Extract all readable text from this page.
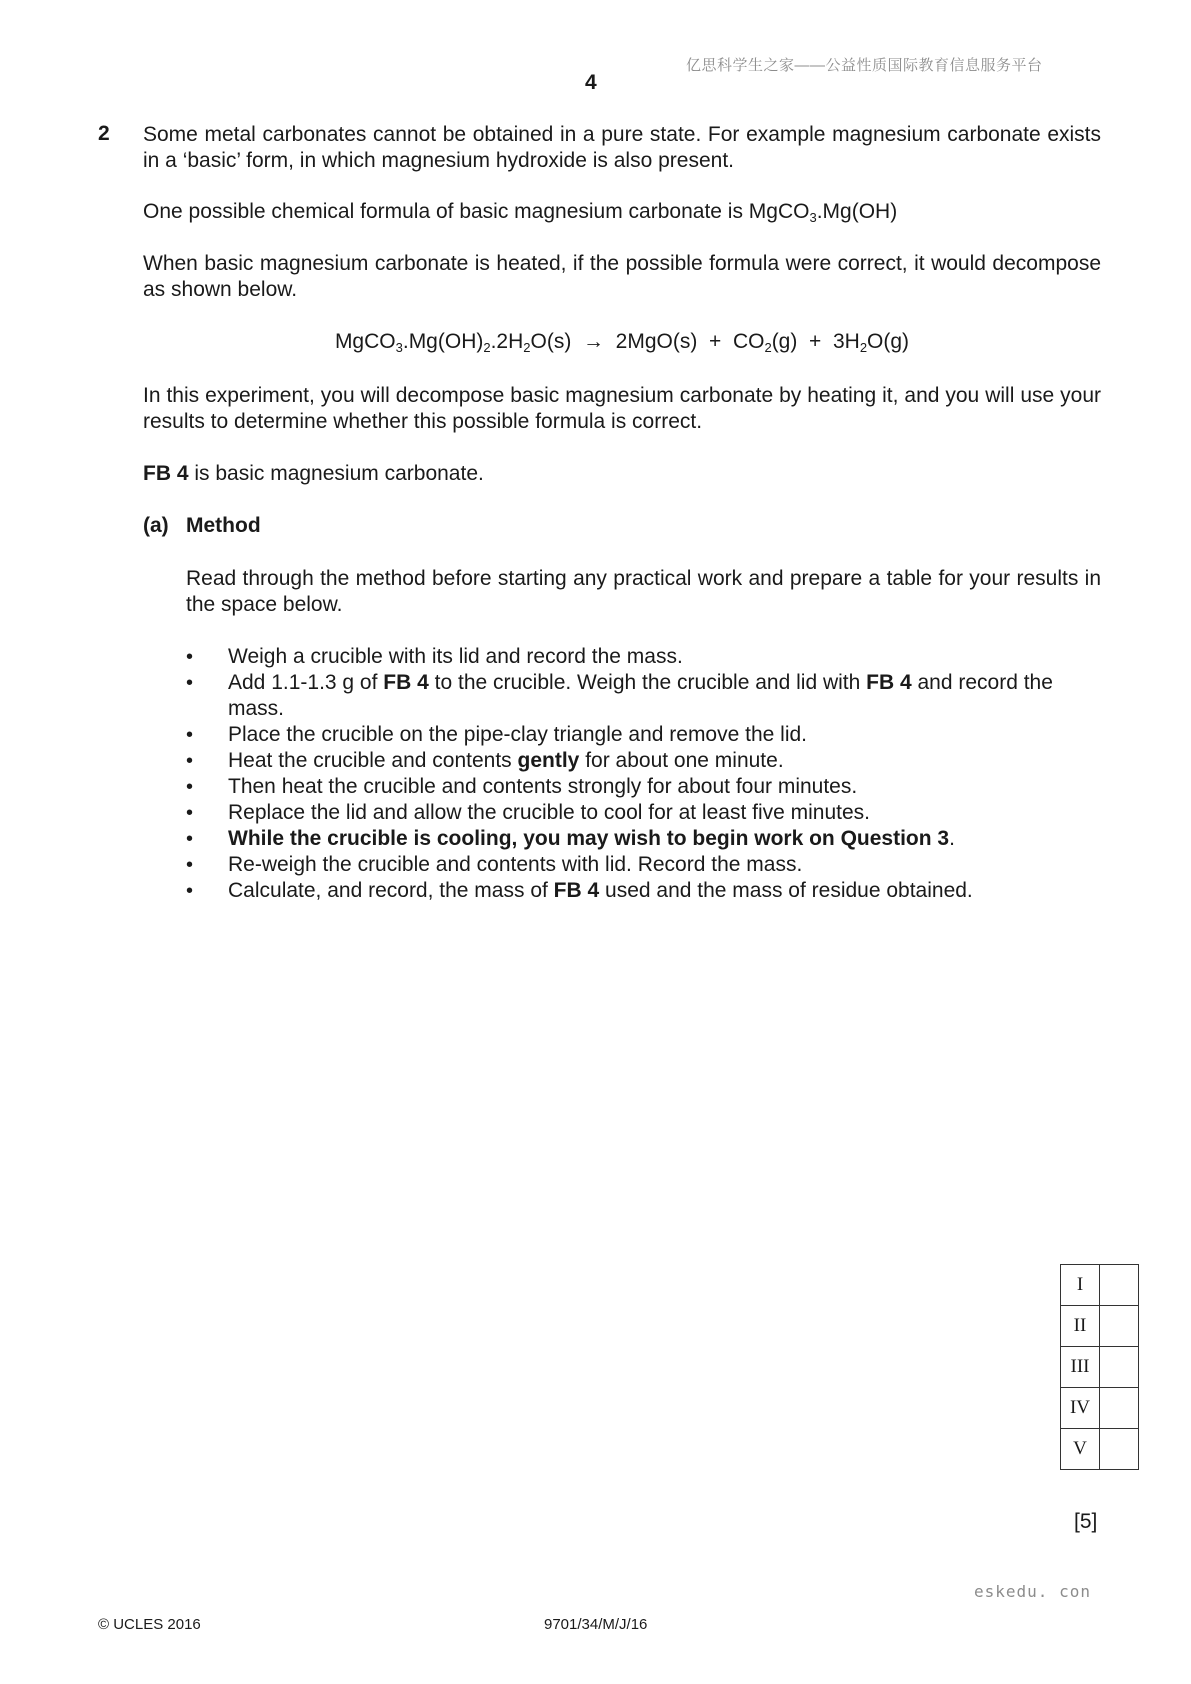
亿思科学生之家——公益性质国际教育信息服务平台
4
2 Some metal carbonates cannot be obtained in a pure state. For example magnesium carbonate exists in a ‘basic’ form, in which magnesium hydroxide is also present.
One possible chemical formula of basic magnesium carbonate is MgCO$_3$.Mg(OH)
When basic magnesium carbonate is heated, if the possible formula were correct, it would decompose as shown below.
$MgCO_3.Mg(OH)_2.2H_2O(s) \to 2MgO(s) + CO_2(g) + 3H_2O(g)$
In this experiment, you will decompose basic magnesium carbonate by heating it, and you will use your results to determine whether this possible formula is correct.
FB 4 is basic magnesium carbonate.
(a) Method
Read through the method before starting any practical work and prepare a table for your results in the space below.
• Weigh a crucible with its lid and record the mass.
• Add 1.1-1.3 g of FB 4 to the crucible. Weigh the crucible and lid with FB 4 and record the mass.
• Place the crucible on the pipe-clay triangle and remove the lid.
• Heat the crucible and contents gently for about one minute.
• Then heat the crucible and contents strongly for about four minutes.
• Replace the lid and allow the crucible to cool for at least five minutes.
• While the crucible is cooling, you may wish to begin work on Question 3.
• Re-weigh the crucible and contents with lid. Record the mass.
• Calculate, and record, the mass of FB 4 used and the mass of residue obtained.
I	
II	
III	
IV	
V	
[5]
eskedu. con
© UCLES 2016	9701/34/M/J/16
